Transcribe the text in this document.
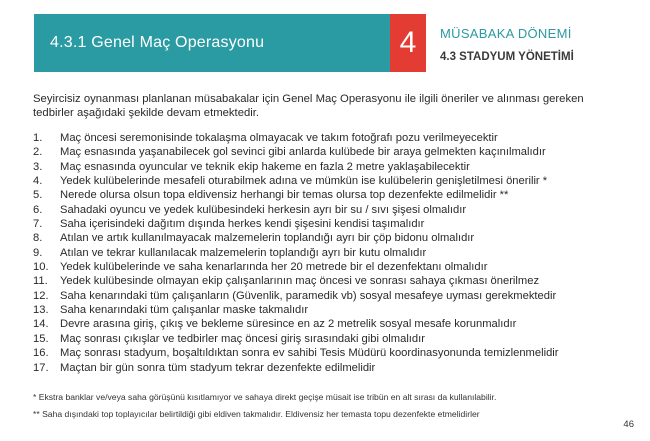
4.3.1 Genel Maç Operasyonu	4 MÜSABAKA DÖNEMİ
4.3 STADYUM YÖNETİMİ
Seyircisiz oynanması planlanan müsabakalar için Genel Maç Operasyonu ile ilgili öneriler ve alınması gereken
tedbirler aşağıdaki şekilde devam etmektedir.
1.	Maç öncesi seremonisinde tokalaşma olmayacak ve takım fotoğrafı pozu verilmeyecektir
2.	Maç esnasında yaşanabilecek gol sevinci gibi anlarda kulübede bir araya gelmekten kaçınılmalıdır
3.	Maç esnasında oyuncular ve teknik ekip hakeme en fazla 2 metre yaklaşabilecektir
4.	Yedek kulübelerinde mesafeli oturabilmek adına ve mümkün ise kulübelerin genişletilmesi önerilir *
5.	Nerede olursa olsun topa eldivensiz herhangi bir temas olursa top dezenfekte edilmelidir **
6.	Sahadaki oyuncu ve yedek kulübesindeki herkesin ayrı bir su / sıvı şişesi olmalıdır
7.	Saha içerisindeki dağıtım dışında herkes kendi şişesini kendisi taşımalıdır
8.	Atılan ve artık kullanılmayacak malzemelerin toplandığı ayrı bir çöp bidonu olmalıdır
9.	Atılan ve tekrar kullanılacak malzemelerin toplandığı ayrı bir kutu olmalıdır
10.	Yedek kulübelerinde ve saha kenarlarında her 20 metrede bir el dezenfektanı olmalıdır
11.	Yedek kulübesinde olmayan ekip çalışanlarının maç öncesi ve sonrası sahaya çıkması önerilmez
12.	Saha kenarındaki tüm çalışanların (Güvenlik, paramedik vb) sosyal mesafeye uyması gerekmektedir
13.	Saha kenarındaki tüm çalışanlar maske takmalıdır
14.	Devre arasına giriş, çıkış ve bekleme süresince en az 2 metrelik sosyal mesafe korunmalıdır
15.	Maç sonrası çıkışlar ve tedbirler maç öncesi giriş sırasındaki gibi olmalıdır
16.	Maç sonrası stadyum, boşaltıldıktan sonra ev sahibi Tesis Müdürü koordinasyonunda temizlenmelidir
17.	Maçtan bir gün sonra tüm stadyum tekrar dezenfekte edilmelidir
* Ekstra banklar ve/veya saha görüşünü kısıtlamıyor ve sahaya direkt geçişe müsait ise tribün en alt sırası da kullanılabilir.
** Saha dışındaki top toplayıcılar belirtildiği gibi eldiven takmalıdır. Eldivensiz her temasta topu dezenfekte etmelidirler
46
